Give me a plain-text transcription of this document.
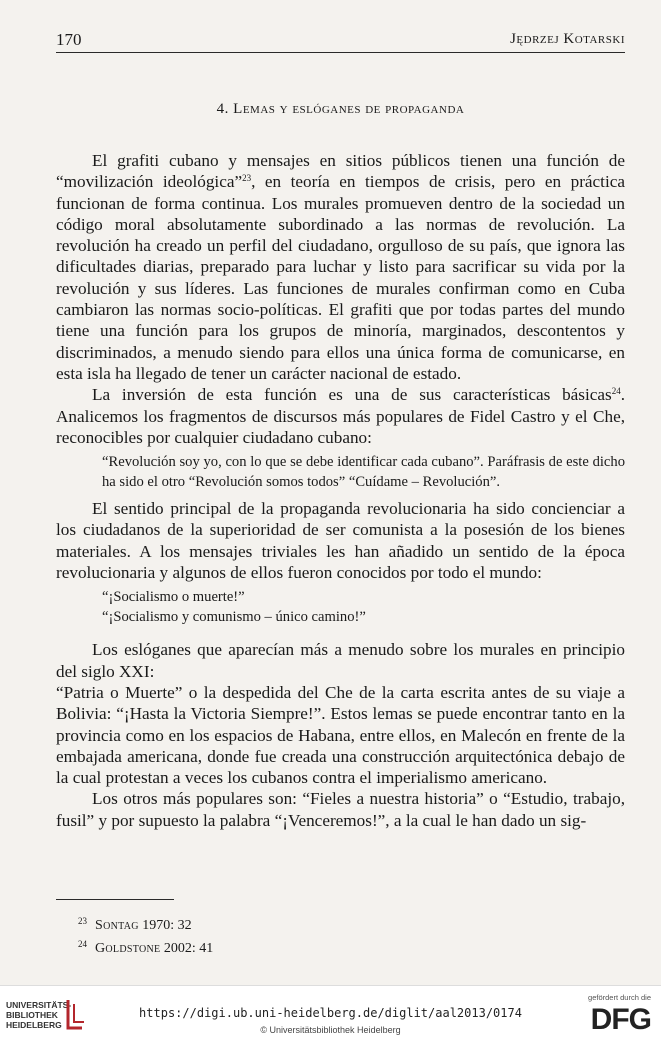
170	Jędrzej Kotarski
4. Lemas y eslóganes de propaganda

El grafiti cubano y mensajes en sitios públicos tienen una función de “movilización ideológica”$^{23}$, en teoría en tiempos de crisis, pero en práctica funcionan de forma continua. Los murales promueven dentro de la sociedad un código moral absolutamente subordinado a las normas de revolución. La revolución ha creado un perfil del ciudadano, orgulloso de su país, que ignora las dificultades diarias, preparado para luchar y listo para sacrificar su vida por la revolución y sus líderes. Las funciones de murales confirman como en Cuba cambiaron las normas socio-políticas. El grafiti que por todas partes del mundo tiene una función para los grupos de minoría, marginados, descontentos y discriminados, a menudo siendo para ellos una única forma de comunicarse, en esta isla ha llegado de tener un carácter nacional de estado.

La inversión de esta función es una de sus características básicas$^{24}$. Analicemos los fragmentos de discursos más populares de Fidel Castro y el Che, reconocibles por cualquier ciudadano cubano:

“Revolución soy yo, con lo que se debe identificar cada cubano”. Paráfrasis de este dicho ha sido el otro “Revolución somos todos” “Cuídame – Revolución”.

El sentido principal de la propaganda revolucionaria ha sido concienciar a los ciudadanos de la superioridad de ser comunista a la posesión de los bienes materiales. A los mensajes triviales les han añadido un sentido de la época revolucionaria y algunos de ellos fueron conocidos por todo el mundo:

“¡Socialismo o muerte!”

“¡Socialismo y comunismo – único camino!”

Los eslóganes que aparecían más a menudo sobre los murales en principio del siglo XXI:

“Patria o Muerte” o la despedida del Che de la carta escrita antes de su viaje a Bolivia: “¡Hasta la Victoria Siempre!”. Estos lemas se puede encontrar tanto en la provincia como en los espacios de Habana, entre ellos, en Malecón en frente de la embajada americana, donde fue creada una construcción arquitectónica debajo de la cual protestan a veces los cubanos contra el imperialismo americano.

Los otros más populares son: “Fieles a nuestra historia” o “Estudio, trabajo, fusil” y por supuesto la palabra “¡Venceremos!”, a la cual le han dado un sig-

$^{23}$ Sontag 1970: 32
$^{24}$ Goldstone 2002: 41
UNIVERSITÄTS- BIBLIOTHEK HEIDELBERG
https://digi.ub.uni-heidelberg.de/diglit/aal2013/0174
© Universitätsbibliothek Heidelberg
gefördert durch die
DFG
